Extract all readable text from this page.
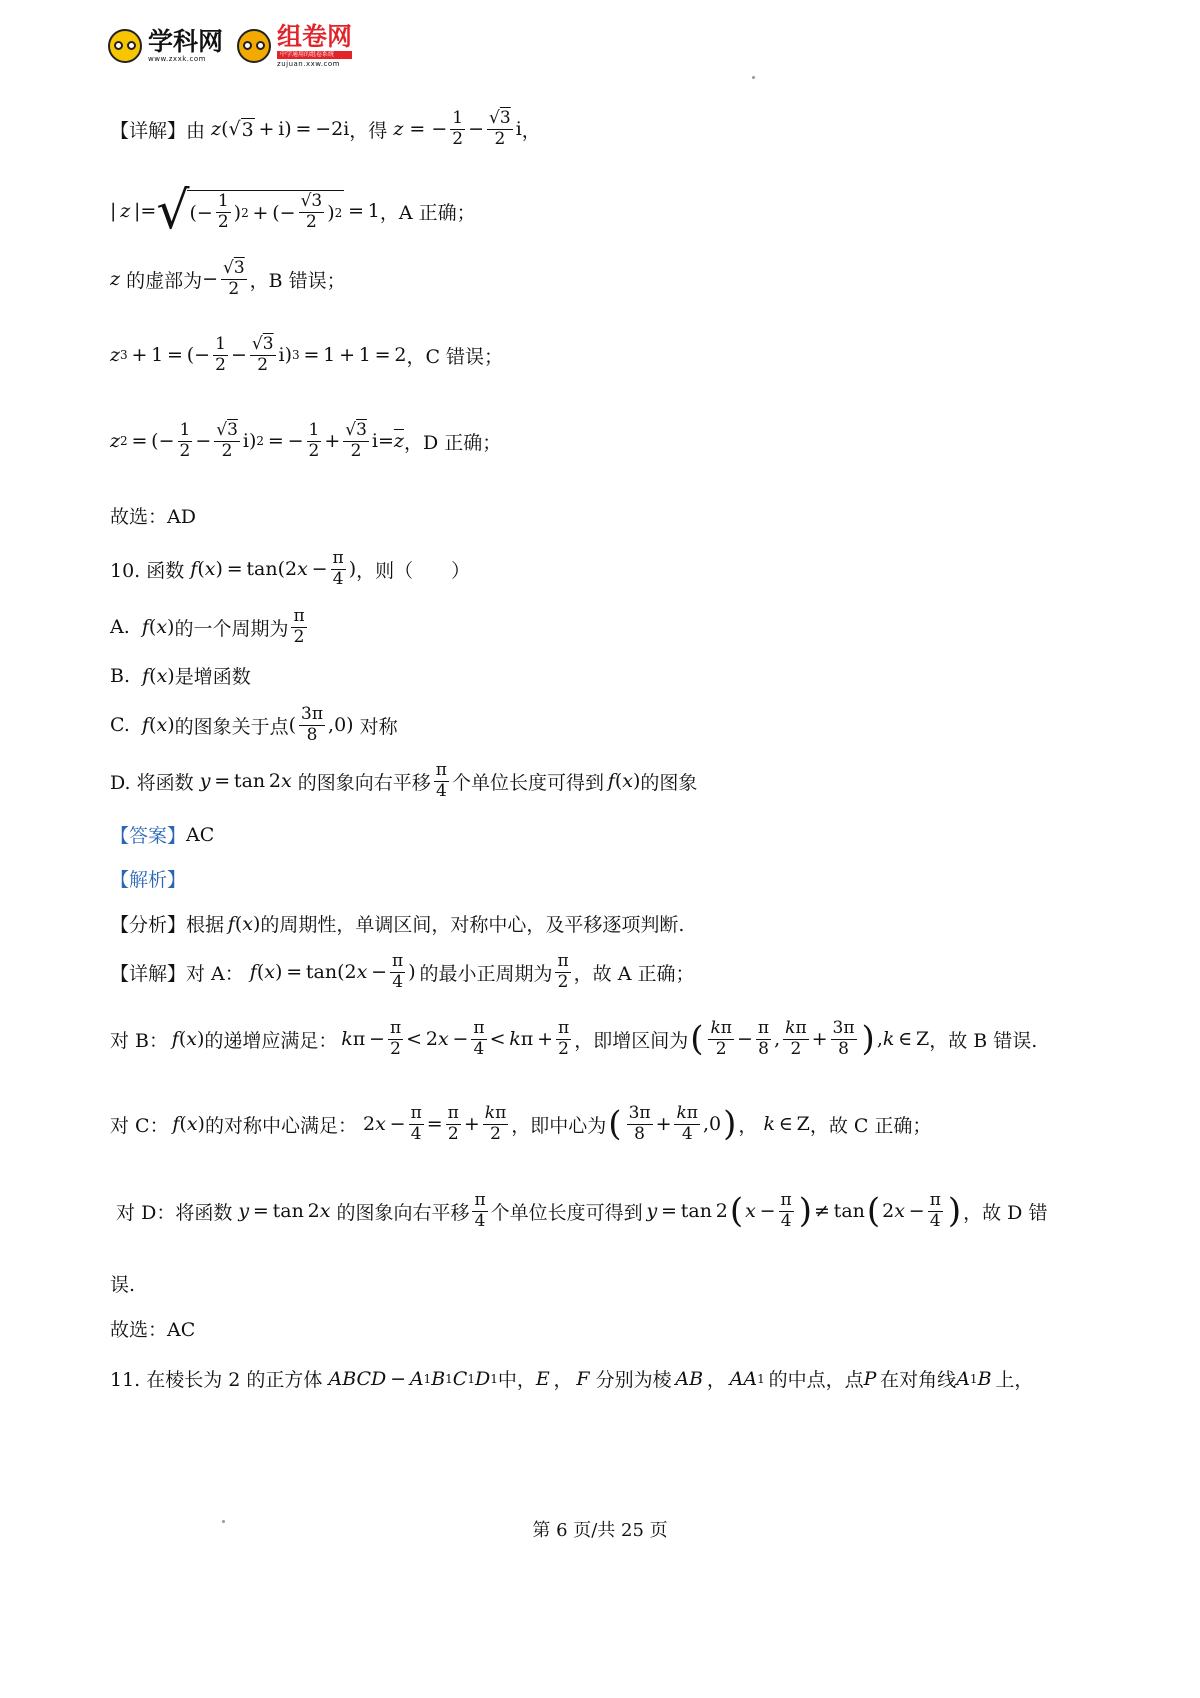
学科网
www.zxxk.com
组卷网
中学通用的组卷系统
zujuan.xxw.com
【详解】由 z ( √ 3  + i) = −2i ，得 z = − $\frac{1}{2} - \frac{√3}{2}$ i ，
|  z  |= √ (− $\frac{1}{2}$ ) 2  + (− $\frac{√3}{2}$ ) 2  = 1 ，A 正确；
z
的虚部为 − $\frac{√3}{2}$ ，B 错误；
z 3  + 1 = (− $\frac{1}{2} - \frac{√3}{2} i$) 3  = 1 + 1 = 2 ，C 错误；
z 2  = (− $\frac{1}{2} - \frac{√3}{2} i$) 2  = − $\frac{1}{2} + \frac{√3}{2} i= \overline{z}$ ，D 正确；
故选：AD
10. 函数 f ( x ) = tan(2 $x - \frac{\pi}{4}$ ) ，则（　　）
A.
f ( x ) 的一个周期为 $\frac{\pi}{2}$
B.
f ( x ) 是增函数
C.
f ( x ) 的图象关于点 ( $\frac{3\pi}{8} ,0$) 对称
D. 将函数
y  = tan 2 x
的图象向右平移 $\frac{\pi}{4}$ 个单位长度可得到  f ( x ) 的图象
【答案】 AC
【解析】
【分析】根据  f ( x ) 的周期性，单调区间，对称中心，及平移逐项判断.
【详解】对 A： f ( x ) = tan(2 $x - \frac{\pi}{4}$ )  的最小正周期为 $\frac{\pi}{2}$ ，故 A 正确；
对 B：  f ( x ) 的递增应满足：  k $\pi - \frac{\pi}{2} < 2$ $x - \frac{\pi}{4} < k$ $\pi + \frac{\pi}{2}$ ，即增区间为 ( $\frac{k\pi}{2} - \frac{\pi}{8}$ , $\frac{k\pi}{2} + \frac{3\pi}{8}$ ) , k  ∈ Z ，故 B 错误.
对 C：  f ( x ) 的对称中心满足： 2 $x - \frac{\pi}{4} = \frac{\pi}{2} + \frac{k\pi}{2}$ ，即中心为 ( $\frac{3\pi}{8} + \frac{k\pi}{4} ,0$ ) ， k  ∈ Z ，故 C 正确；

对 D：将函数 y  = tan 2 x
的图象向右平移 $\frac{\pi}{4}$ 个单位长度可得到  y  = tan 2 ( $x - \frac{\pi}{4}$ ) ≠ tan ( 2 $x - \frac{\pi}{4}$ ) ，故 D 错
误.
故选：AC
11. 在棱长为 2 的正方体 ABCD  −  A 1 B 1 C 1 D 1 中， E  ，  F
分别为棱  AB  ，  AA 1
  的中点，点 P
  在对角线 A 1 B
  上，
第 6 页/共 25 页
